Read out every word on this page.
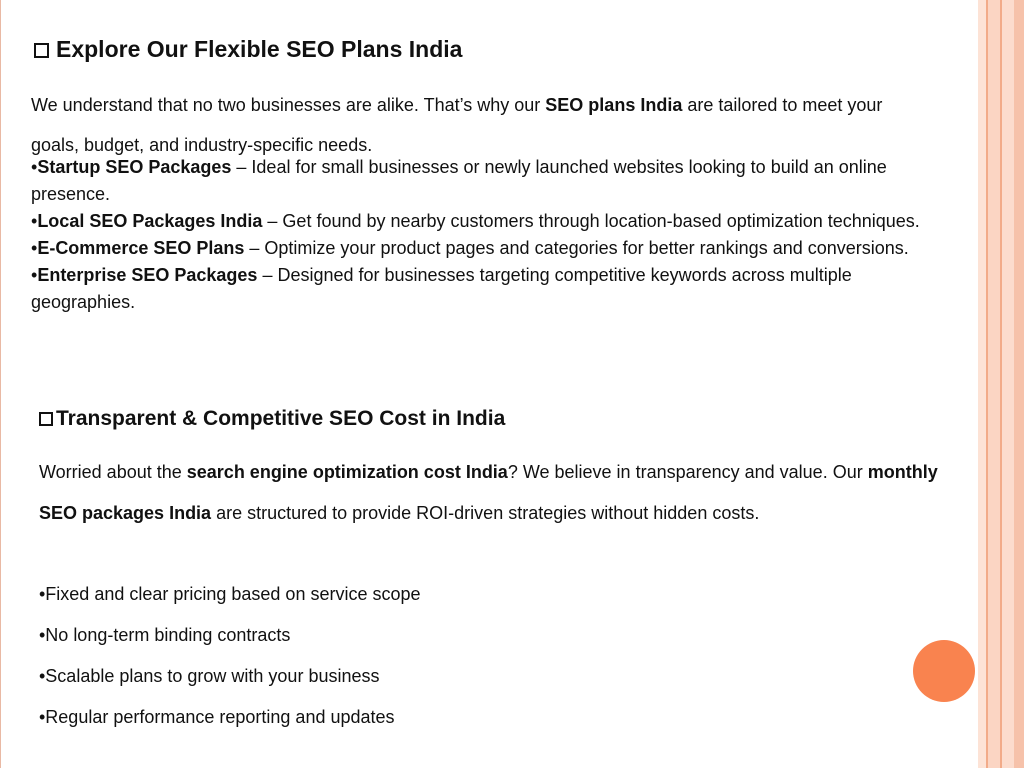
Explore Our Flexible SEO Plans India

We understand that no two businesses are alike. That’s why our SEO plans India are tailored to meet your goals, budget, and industry-specific needs.

•Startup SEO Packages – Ideal for small businesses or newly launched websites looking to build an online presence.
•Local SEO Packages India – Get found by nearby customers through location-based optimization techniques.
•E-Commerce SEO Plans – Optimize your product pages and categories for better rankings and conversions.
•Enterprise SEO Packages – Designed for businesses targeting competitive keywords across multiple geographies.
Transparent & Competitive SEO Cost in India

Worried about the search engine optimization cost India? We believe in transparency and value. Our monthly SEO packages India are structured to provide ROI-driven strategies without hidden costs.

•Fixed and clear pricing based on service scope
•No long-term binding contracts
•Scalable plans to grow with your business
•Regular performance reporting and updates
